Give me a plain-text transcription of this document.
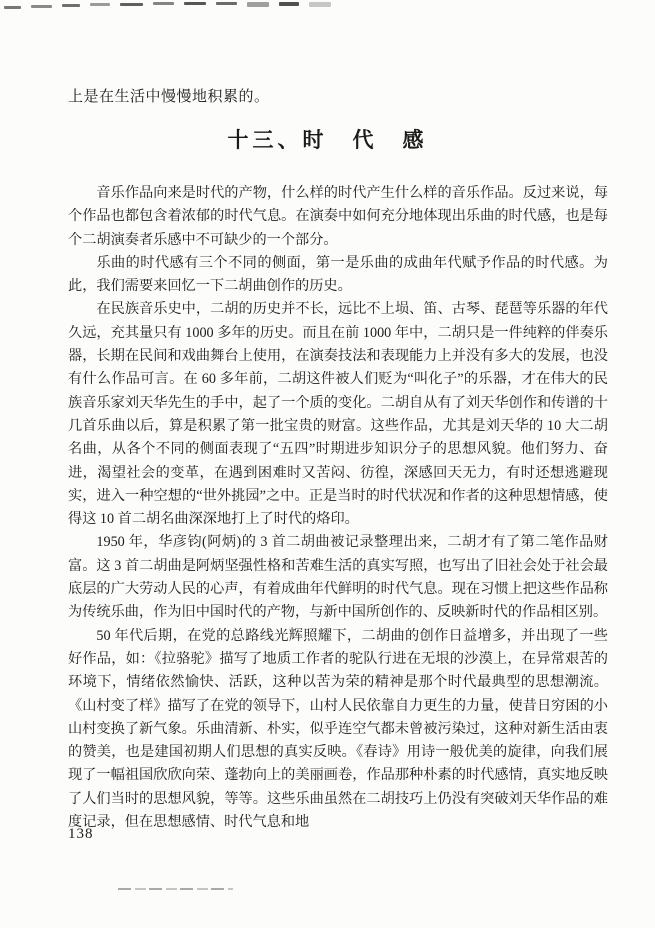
上是在生活中慢慢地积累的。
十三、时　代　感

音乐作品向来是时代的产物，什么样的时代产生什么样的音乐作品。反过来说，每个作品也都包含着浓郁的时代气息。在演奏中如何充分地体现出乐曲的时代感，也是每个二胡演奏者乐感中不可缺少的一个部分。

乐曲的时代感有三个不同的侧面，第一是乐曲的成曲年代赋予作品的时代感。为此，我们需要来回忆一下二胡曲创作的历史。

在民族音乐史中，二胡的历史并不长，远比不上埙、笛、古琴、琵琶等乐器的年代久远，充其量只有 1000 多年的历史。而且在前 1000 年中，二胡只是一件纯粹的伴奏乐器，长期在民间和戏曲舞台上使用，在演奏技法和表现能力上并没有多大的发展，也没有什么作品可言。在 60 多年前，二胡这件被人们贬为“叫化子”的乐器，才在伟大的民族音乐家刘天华先生的手中，起了一个质的变化。二胡自从有了刘天华创作和传谱的十几首乐曲以后，算是积累了第一批宝贵的财富。这些作品，尤其是刘天华的 10 大二胡名曲，从各个不同的侧面表现了“五四”时期进步知识分子的思想风貌。他们努力、奋进，渴望社会的变革，在遇到困难时又苦闷、彷徨，深感回天无力，有时还想逃避现实，进入一种空想的“世外挑园”之中。正是当时的时代状况和作者的这种思想情感，使得这 10 首二胡名曲深深地打上了时代的烙印。

1950 年，华彦钧(阿炳)的 3 首二胡曲被记录整理出来，二胡才有了第二笔作品财富。这 3 首二胡曲是阿炳坚强性格和苦难生活的真实写照，也写出了旧社会处于社会最底层的广大劳动人民的心声，有着成曲年代鲜明的时代气息。现在习惯上把这些作品称为传统乐曲，作为旧中国时代的产物，与新中国所创作的、反映新时代的作品相区别。

50 年代后期，在党的总路线光辉照耀下，二胡曲的创作日益增多，并出现了一些好作品，如：《拉骆驼》描写了地质工作者的驼队行进在无垠的沙漠上，在异常艰苦的环境下，情绪依然愉快、活跃，这种以苦为荣的精神是那个时代最典型的思想潮流。《山村变了样》描写了在党的领导下，山村人民依靠自力更生的力量，使昔日穷困的小山村变换了新气象。乐曲清新、朴实，似乎连空气都未曾被污染过，这种对新生活由衷的赞美，也是建国初期人们思想的真实反映。《春诗》用诗一般优美的旋律，向我们展现了一幅祖国欣欣向荣、蓬勃向上的美丽画卷，作品那种朴素的时代感情，真实地反映了人们当时的思想风貌，等等。这些乐曲虽然在二胡技巧上仍没有突破刘天华作品的难度记录，但在思想感情、时代气息和地

138
